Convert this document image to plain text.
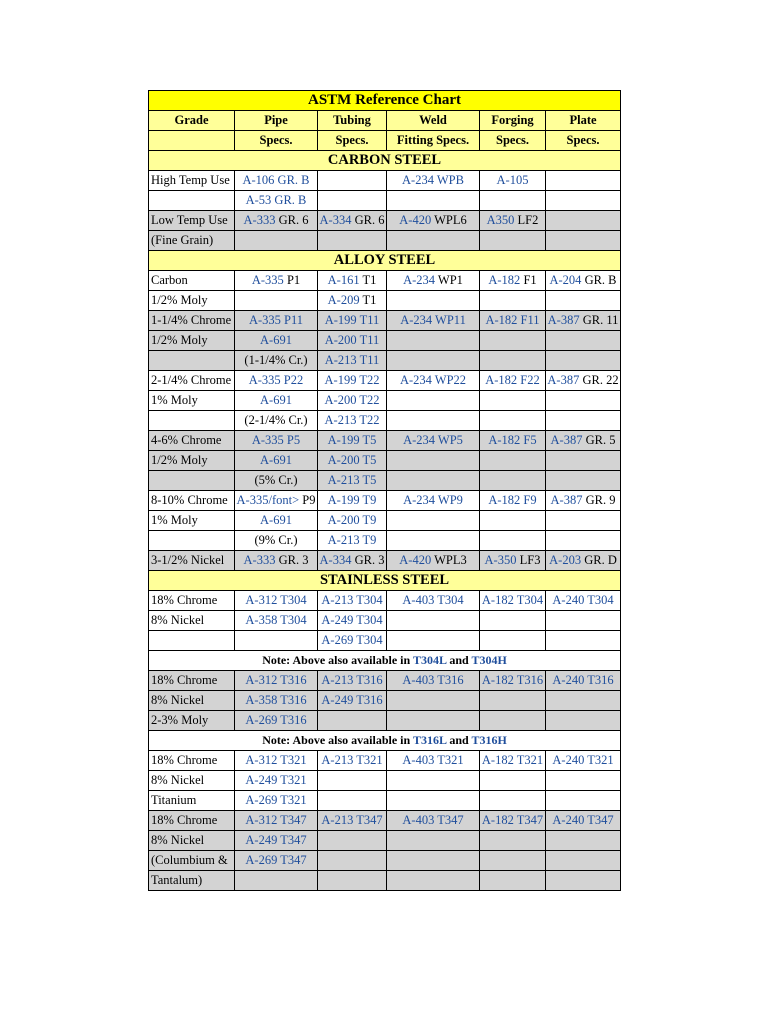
ASTM Reference Chart					
Grade	Pipe	Tubing	Weld	Forging	Plate
	Specs.	Specs.	Fitting Specs.	Specs.	Specs.
CARBON STEEL					
High Temp Use	A-106 GR. B		A-234 WPB	A-105	
	A-53 GR. B				
Low Temp Use	A-333 GR. 6	A-334 GR. 6	A-420 WPL6	A350 LF2	
(Fine Grain)					
ALLOY STEEL					
Carbon	A-335 P1	A-161 T1	A-234 WP1	A-182 F1	A-204 GR. B
1/2% Moly		A-209 T1			
1-1/4% Chrome	A-335 P11	A-199 T11	A-234 WP11	A-182 F11	A-387 GR. 11
1/2% Moly	A-691	A-200 T11			
	(1-1/4% Cr.)	A-213 T11			
2-1/4% Chrome	A-335 P22	A-199 T22	A-234 WP22	A-182 F22	A-387 GR. 22
1% Moly	A-691	A-200 T22			
	(2-1/4% Cr.)	A-213 T22			
4-6% Chrome	A-335 P5	A-199 T5	A-234 WP5	A-182 F5	A-387 GR. 5
1/2% Moly	A-691	A-200 T5			
	(5% Cr.)	A-213 T5			
8-10% Chrome	A-335/font> P9	A-199 T9	A-234 WP9	A-182 F9	A-387 GR. 9
1% Moly	A-691	A-200 T9			
	(9% Cr.)	A-213 T9			
3-1/2% Nickel	A-333 GR. 3	A-334 GR. 3	A-420 WPL3	A-350 LF3	A-203 GR. D
STAINLESS STEEL					
18% Chrome	A-312 T304	A-213 T304	A-403 T304	A-182 T304	A-240 T304
8% Nickel	A-358 T304	A-249 T304			
		A-269 T304			
Note: Above also available in T304L and T304H					
18% Chrome	A-312 T316	A-213 T316	A-403 T316	A-182 T316	A-240 T316
8% Nickel	A-358 T316	A-249 T316			
2-3% Moly	A-269 T316				
Note: Above also available in T316L and T316H					
18% Chrome	A-312 T321	A-213 T321	A-403 T321	A-182 T321	A-240 T321
8% Nickel	A-249 T321				
Titanium	A-269 T321				
18% Chrome	A-312 T347	A-213 T347	A-403 T347	A-182 T347	A-240 T347
8% Nickel	A-249 T347				
(Columbium &	A-269 T347				
Tantalum)					
